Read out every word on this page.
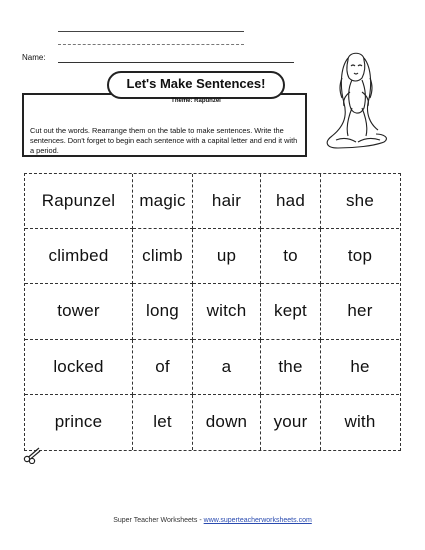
Name:
Cut out the words. Rearrange them on the table to make sentences. Write the sentences. Don't forget to begin each sentence with a capital letter and end it with a period.
Let's Make Sentences!
Theme: Rapunzel
Rapunzel	magic	hair	had	she
climbed	climb	up	to	top
tower	long	witch	kept	her
locked	of	a	the	he
prince	let	down	your	with
Super Teacher Worksheets - www.superteacherworksheets.com
